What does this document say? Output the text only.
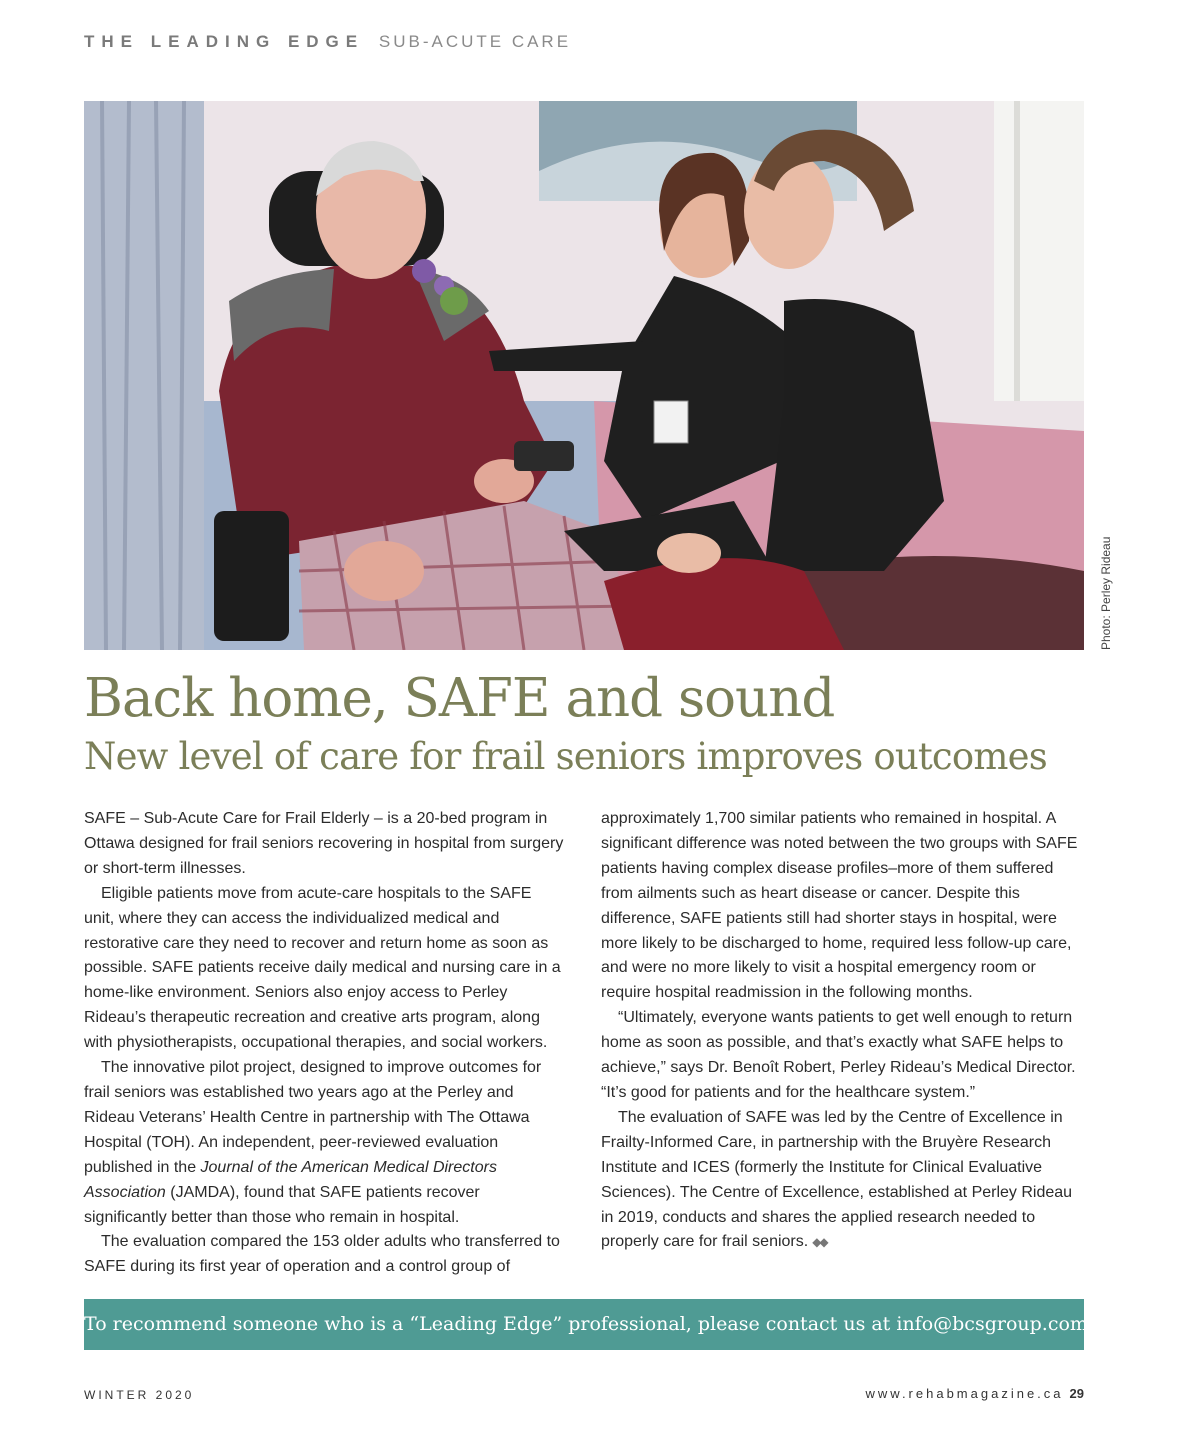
THE LEADING EDGE SUB-ACUTE CARE
Photo: Perley Rideau
Back home, SAFE and sound
New level of care for frail seniors improves outcomes

SAFE – Sub-Acute Care for Frail Elderly – is a 20-bed program in Ottawa designed for frail seniors recovering in hospital from surgery or short-term illnesses.

Eligible patients move from acute-care hospitals to the SAFE unit, where they can access the individualized medical and restorative care they need to recover and return home as soon as possible. SAFE patients receive daily medical and nursing care in a home-like environment. Seniors also enjoy access to Perley Rideau’s therapeutic recreation and creative arts program, along with physiotherapists, occupational therapies, and social workers.

The innovative pilot project, designed to improve outcomes for frail seniors was established two years ago at the Perley and Rideau Veterans’ Health Centre in partnership with The Ottawa Hospital (TOH). An independent, peer-reviewed evaluation published in the Journal of the American Medical Directors Association (JAMDA), found that SAFE patients recover significantly better than those who remain in hospital.

The evaluation compared the 153 older adults who transferred to SAFE during its first year of operation and a control group of

approximately 1,700 similar patients who remained in hospital. A significant difference was noted between the two groups with SAFE patients having complex disease profiles–more of them suffered from ailments such as heart disease or cancer. Despite this difference, SAFE patients still had shorter stays in hospital, were more likely to be discharged to home, required less follow-up care, and were no more likely to visit a hospital emergency room or require hospital readmission in the following months.

“Ultimately, everyone wants patients to get well enough to return home as soon as possible, and that’s exactly what SAFE helps to achieve,” says Dr. Benoît Robert, Perley Rideau’s Medical Director. “It’s good for patients and for the healthcare system.”

The evaluation of SAFE was led by the Centre of Excellence in Frailty-Informed Care, in partnership with the Bruyère Research Institute and ICES (formerly the Institute for Clinical Evaluative Sciences). The Centre of Excellence, established at Perley Rideau in 2019, conducts and shares the applied research needed to properly care for frail seniors. ◆◆

To recommend someone who is a “Leading Edge” professional, please contact us at info@bcsgroup.com
WINTER 2020	www.rehabmagazine.ca 29
